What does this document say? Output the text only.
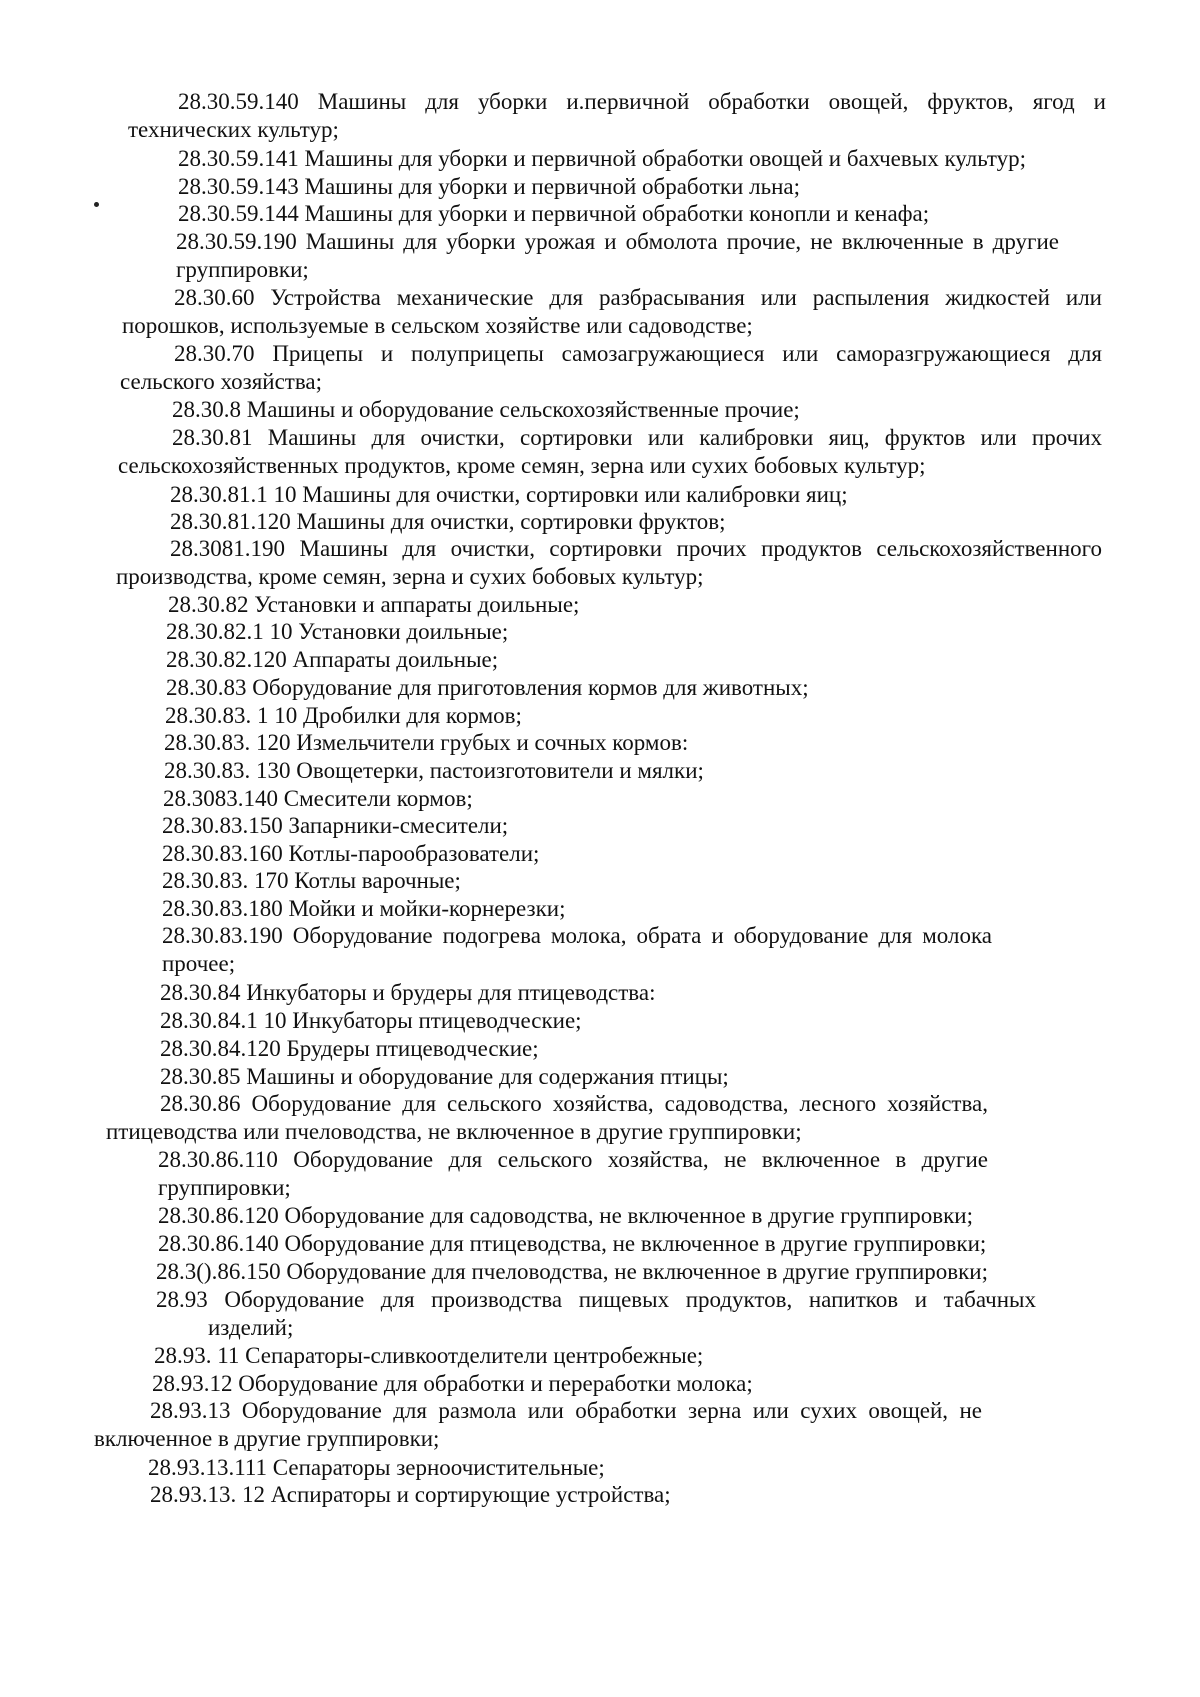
28.30.59.140 Машины для уборки и.первичной обработки овощей, фруктов, ягод и технических культур;

28.30.59.141 Машины для уборки и первичной обработки овощей и бахчевых культур;

28.30.59.143 Машины для уборки и первичной обработки льна;

28.30.59.144 Машины для уборки и первичной обработки конопли и кенафа;

28.30.59.190 Машины для уборки урожая и обмолота прочие, не включенные в другие группировки;

28.30.60 Устройства механические для разбрасывания или распыления жидкостей или порошков, используемые в сельском хозяйстве или садоводстве;

28.30.70 Прицепы и полуприцепы самозагружающиеся или саморазгружающиеся для сельского хозяйства;

28.30.8 Машины и оборудование сельскохозяйственные прочие;

28.30.81 Машины для очистки, сортировки или калибровки яиц, фруктов или прочих сельскохозяйственных продуктов, кроме семян, зерна или сухих бобовых культур;

28.30.81.1 10 Машины для очистки, сортировки или калибровки яиц;

28.30.81.120 Машины для очистки, сортировки фруктов;

28.3081.190 Машины для очистки, сортировки прочих продуктов сельскохозяйственного производства, кроме семян, зерна и сухих бобовых культур;

28.30.82 Установки и аппараты доильные;

28.30.82.1 10 Установки доильные;

28.30.82.120 Аппараты доильные;

28.30.83 Оборудование для приготовления кормов для животных;

28.30.83. 1 10 Дробилки для кормов;

28.30.83. 120 Измельчители грубых и сочных кормов:

28.30.83. 130 Овощетерки, пастоизготовители и мялки;

28.3083.140 Смесители кормов;

28.30.83.150 Запарники-смесители;

28.30.83.160 Котлы-парообразователи;

28.30.83. 170 Котлы варочные;

28.30.83.180 Мойки и мойки-корнерезки;

28.30.83.190 Оборудование подогрева молока, обрата и оборудование для молока прочее;

28.30.84 Инкубаторы и брудеры для птицеводства:

28.30.84.1 10 Инкубаторы птицеводческие;

28.30.84.120 Брудеры птицеводческие;

28.30.85 Машины и оборудование для содержания птицы;

28.30.86 Оборудование для сельского хозяйства, садоводства, лесного хозяйства, птицеводства или пчеловодства, не включенное в другие группировки;

28.30.86.110 Оборудование для сельского хозяйства, не включенное в другие группировки;

28.30.86.120 Оборудование для садоводства, не включенное в другие группировки;

28.30.86.140 Оборудование для птицеводства, не включенное в другие группировки;

28.3().86.150 Оборудование для пчеловодства, не включенное в другие группировки;

28.93 Оборудование для производства пищевых продуктов, напитков и табачных изделий;

28.93. 11 Сепараторы-сливкоотделители центробежные;

28.93.12 Оборудование для обработки и переработки молока;

28.93.13 Оборудование для размола или обработки зерна или сухих овощей, не включенное в другие группировки;

28.93.13.111 Сепараторы зерноочистительные;

28.93.13. 12 Аспираторы и сортирующие устройства;
